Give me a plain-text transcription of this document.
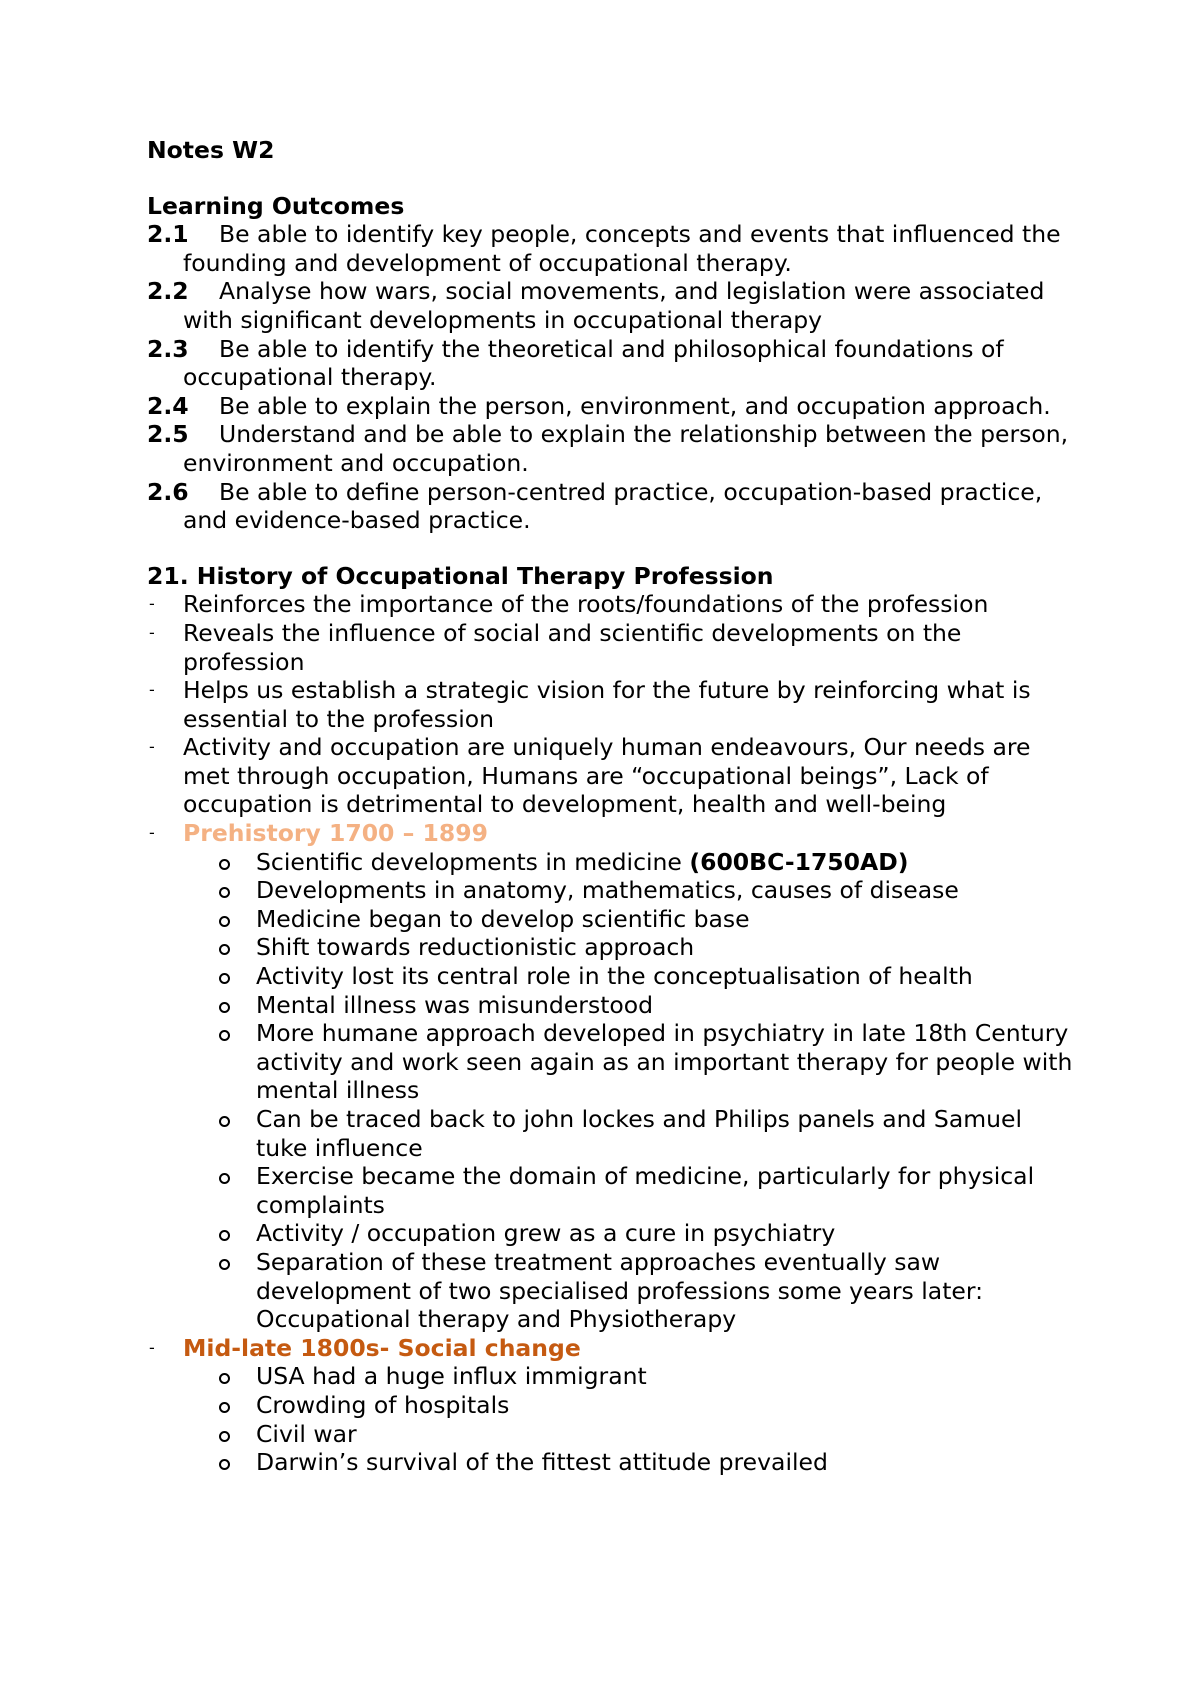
Notes W2
Learning Outcomes
2.1	Be able to identify key people, concepts and events that influenced the founding and development of occupational therapy.
2.2	Analyse how wars, social movements, and legislation were associated with significant developments in occupational therapy
2.3	Be able to identify the theoretical and philosophical foundations of occupational therapy.
2.4	Be able to explain the person, environment, and occupation approach.
2.5	Understand and be able to explain the relationship between the person, environment and occupation.
2.6	Be able to define person-centred practice, occupation-based practice, and evidence-based practice.
21. History of Occupational Therapy Profession
- Reinforces the importance of the roots/foundations of the profession
- Reveals the influence of social and scientific developments on the profession
- Helps us establish a strategic vision for the future by reinforcing what is essential to the profession
- Activity and occupation are uniquely human endeavours, Our needs are met through occupation, Humans are “occupational beings”, Lack of occupation is detrimental to development, health and well-being
- Prehistory 1700 – 1899
Scientific developments in medicine (600BC-1750AD)
Developments in anatomy, mathematics, causes of disease
Medicine began to develop scientific base
Shift towards reductionistic approach
Activity lost its central role in the conceptualisation of health
Mental illness was misunderstood
More humane approach developed in psychiatry in late 18th Century activity and work seen again as an important therapy for people with mental illness
Can be traced back to john lockes and Philips panels and Samuel tuke influence
Exercise became the domain of medicine, particularly for physical complaints
Activity / occupation grew as a cure in psychiatry
Separation of these treatment approaches eventually saw development of two specialised professions some years later: Occupational therapy and Physiotherapy
- Mid-late 1800s- Social change
USA had a huge influx immigrant
Crowding of hospitals
Civil war
Darwin’s survival of the fittest attitude prevailed
